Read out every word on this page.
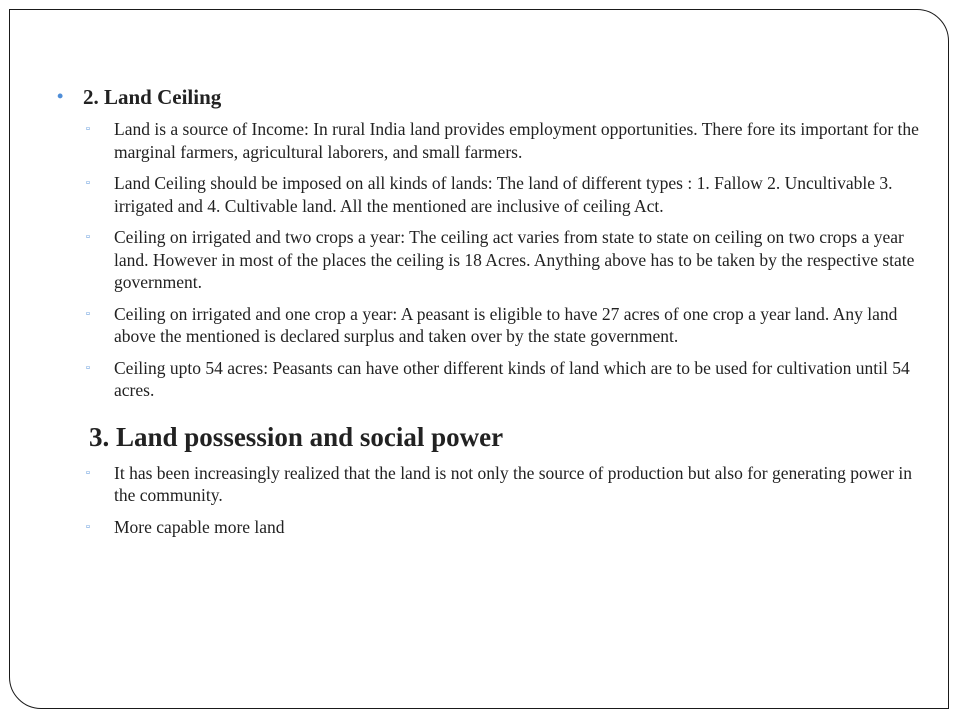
• 2. Land Ceiling
▫	Land is a source of Income: In rural India land provides employment opportunities. There fore its important for the marginal farmers, agricultural laborers, and small farmers.
▫	Land Ceiling should be imposed on all kinds of lands: The land of different types : 1. Fallow 2. Uncultivable 3. irrigated and 4. Cultivable land. All the mentioned are inclusive of ceiling Act.
▫	Ceiling on irrigated and two crops a year: The ceiling act varies from state to state on ceiling on two crops a year land. However in most of the places the ceiling is 18 Acres. Anything above has to be taken by the respective state government.
▫	Ceiling on irrigated and one crop a year: A peasant is eligible to have 27 acres of one crop a year land. Any land above the mentioned is declared surplus and taken over by the state government.
▫	Ceiling upto 54 acres: Peasants can have other different kinds of land which are to be used for cultivation until 54 acres.
3. Land possession and social power
▫	It has been increasingly realized that the land is not only the source of production but also for generating power in the community.
▫	More capable more land
